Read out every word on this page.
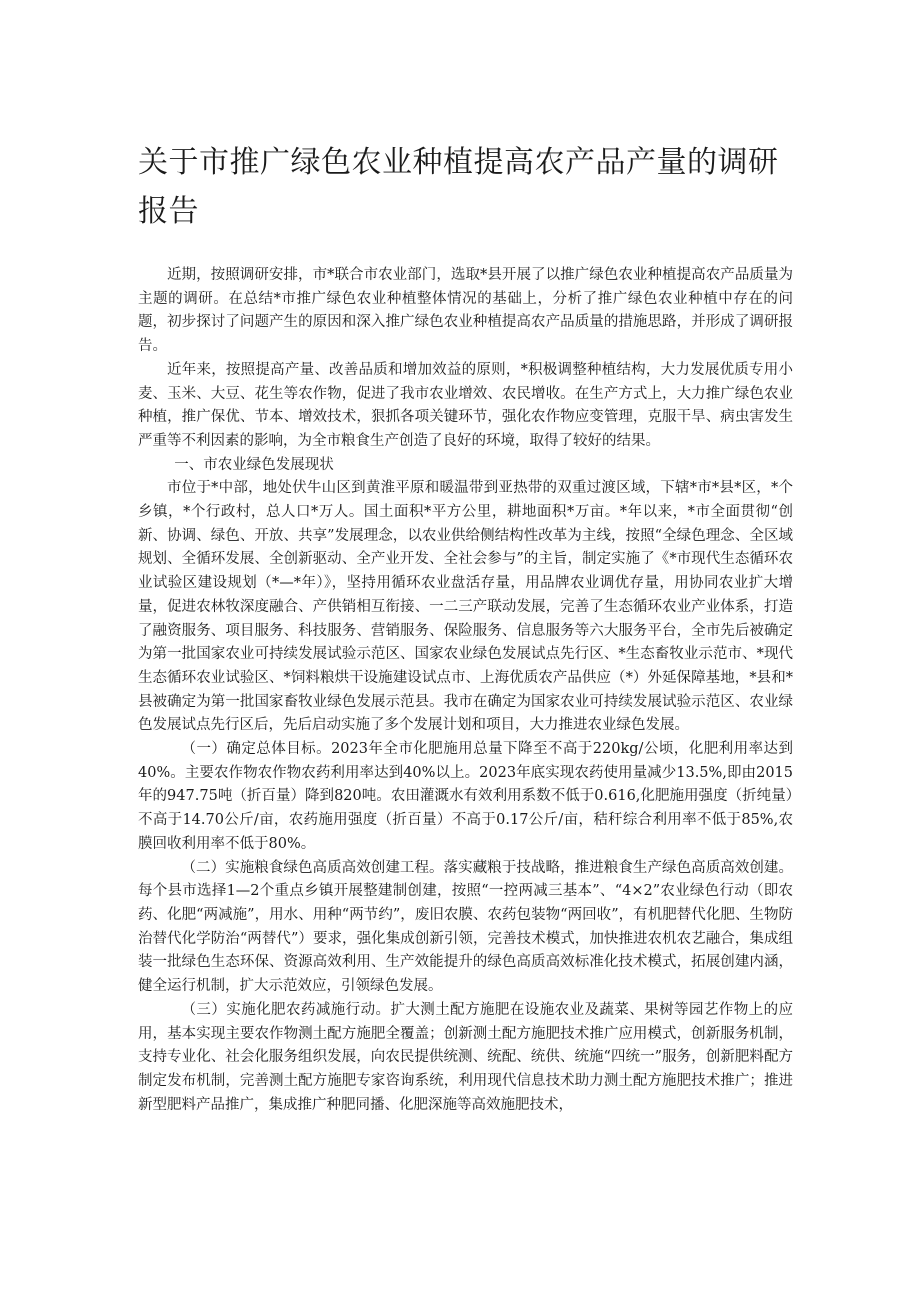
关于市推广绿色农业种植提高农产品产量的调研报告

近期，按照调研安排，市*联合市农业部门，选取*县开展了以推广绿色农业种植提高农产品质量为主题的调研。在总结*市推广绿色农业种植整体情况的基础上，分析了推广绿色农业种植中存在的问题，初步探讨了问题产生的原因和深入推广绿色农业种植提高农产品质量的措施思路，并形成了调研报告。

近年来，按照提高产量、改善品质和增加效益的原则，*积极调整种植结构，大力发展优质专用小麦、玉米、大豆、花生等农作物，促进了我市农业增效、农民增收。在生产方式上，大力推广绿色农业种植，推广保优、节本、增效技术，狠抓各项关键环节，强化农作物应变管理，克服干旱、病虫害发生严重等不利因素的影响，为全市粮食生产创造了良好的环境，取得了较好的结果。

一、市农业绿色发展现状

市位于*中部，地处伏牛山区到黄淮平原和暖温带到亚热带的双重过渡区域，下辖*市*县*区，*个乡镇，*个行政村，总人口*万人。国土面积*平方公里，耕地面积*万亩。*年以来，*市全面贯彻“创新、协调、绿色、开放、共享”发展理念，以农业供给侧结构性改革为主线，按照“全绿色理念、全区域规划、全循环发展、全创新驱动、全产业开发、全社会参与”的主旨，制定实施了《*市现代生态循环农业试验区建设规划（*—*年）》，坚持用循环农业盘活存量，用品牌农业调优存量，用协同农业扩大增量，促进农林牧深度融合、产供销相互衔接、一二三产联动发展，完善了生态循环农业产业体系，打造了融资服务、项目服务、科技服务、营销服务、保险服务、信息服务等六大服务平台，全市先后被确定为第一批国家农业可持续发展试验示范区、国家农业绿色发展试点先行区、*生态畜牧业示范市、*现代生态循环农业试验区、*饲料粮烘干设施建设试点市、上海优质农产品供应（*）外延保障基地，*县和*县被确定为第一批国家畜牧业绿色发展示范县。我市在确定为国家农业可持续发展试验示范区、农业绿色发展试点先行区后，先后启动实施了多个发展计划和项目，大力推进农业绿色发展。

（一）确定总体目标。2023年全市化肥施用总量下降至不高于220kg/公顷，化肥利用率达到40%。主要农作物农作物农药利用率达到40%以上。2023年底实现农药使用量减少13.5%,即由2015年的947.75吨（折百量）降到820吨。农田灌溉水有效利用系数不低于0.616,化肥施用强度（折纯量）不高于14.70公斤/亩，农药施用强度（折百量）不高于0.17公斤/亩，秸秆综合利用率不低于85%,农膜回收利用率不低于80%。

（二）实施粮食绿色高质高效创建工程。落实藏粮于技战略，推进粮食生产绿色高质高效创建。每个县市选择1—2个重点乡镇开展整建制创建，按照“一控两减三基本”、“4×2”农业绿色行动（即农药、化肥“两减施”，用水、用种“两节约”，废旧农膜、农药包装物“两回收”，有机肥替代化肥、生物防治替代化学防治“两替代”）要求，强化集成创新引领，完善技术模式，加快推进农机农艺融合，集成组装一批绿色生态环保、资源高效利用、生产效能提升的绿色高质高效标准化技术模式，拓展创建内涵，健全运行机制，扩大示范效应，引领绿色发展。

（三）实施化肥农药减施行动。扩大测土配方施肥在设施农业及蔬菜、果树等园艺作物上的应用，基本实现主要农作物测土配方施肥全覆盖；创新测土配方施肥技术推广应用模式，创新服务机制，支持专业化、社会化服务组织发展，向农民提供统测、统配、统供、统施“四统一”服务，创新肥料配方制定发布机制，完善测土配方施肥专家咨询系统，利用现代信息技术助力测土配方施肥技术推广；推进新型肥料产品推广，集成推广种肥同播、化肥深施等高效施肥技术，
